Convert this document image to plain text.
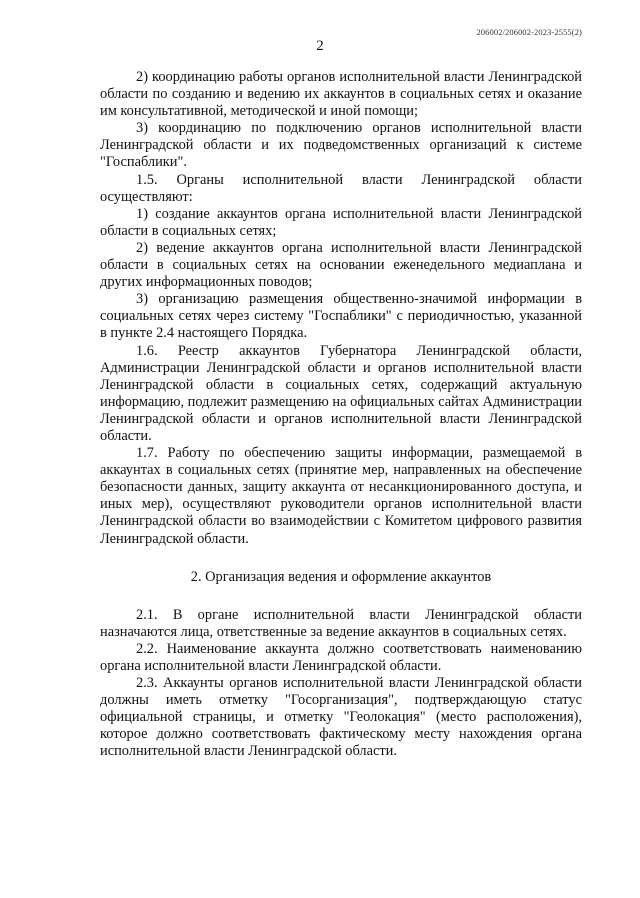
206002/206002-2023-2555(2)
2

2) координацию работы органов исполнительной власти Ленинградской области по созданию и ведению их аккаунтов в социальных сетях и оказание им консультативной, методической и иной помощи;

3) координацию по подключению органов исполнительной власти Ленинградской области и их подведомственных организаций к системе "Госпаблики".

1.5. Органы исполнительной власти Ленинградской области осуществляют:

1) создание аккаунтов органа исполнительной власти Ленинградской области в социальных сетях;

2) ведение аккаунтов органа исполнительной власти Ленинградской области в социальных сетях на основании еженедельного медиаплана и других информационных поводов;

3) организацию размещения общественно-значимой информации в социальных сетях через систему "Госпаблики" с периодичностью, указанной в пункте 2.4 настоящего Порядка.

1.6. Реестр аккаунтов Губернатора Ленинградской области, Администрации Ленинградской области и органов исполнительной власти Ленинградской области в социальных сетях, содержащий актуальную информацию, подлежит размещению на официальных сайтах Администрации Ленинградской области и органов исполнительной власти Ленинградской области.

1.7. Работу по обеспечению защиты информации, размещаемой в аккаунтах в социальных сетях (принятие мер, направленных на обеспечение безопасности данных, защиту аккаунта от несанкционированного доступа, и иных мер), осуществляют руководители органов исполнительной власти Ленинградской области во взаимодействии с Комитетом цифрового развития Ленинградской области.

2. Организация ведения и оформление аккаунтов

2.1. В органе исполнительной власти Ленинградской области назначаются лица, ответственные за ведение аккаунтов в социальных сетях.

2.2. Наименование аккаунта должно соответствовать наименованию органа исполнительной власти Ленинградской области.

2.3. Аккаунты органов исполнительной власти Ленинградской области должны иметь отметку "Госорганизация", подтверждающую статус официальной страницы, и отметку "Геолокация" (место расположения), которое должно соответствовать фактическому месту нахождения органа исполнительной власти Ленинградской области.
